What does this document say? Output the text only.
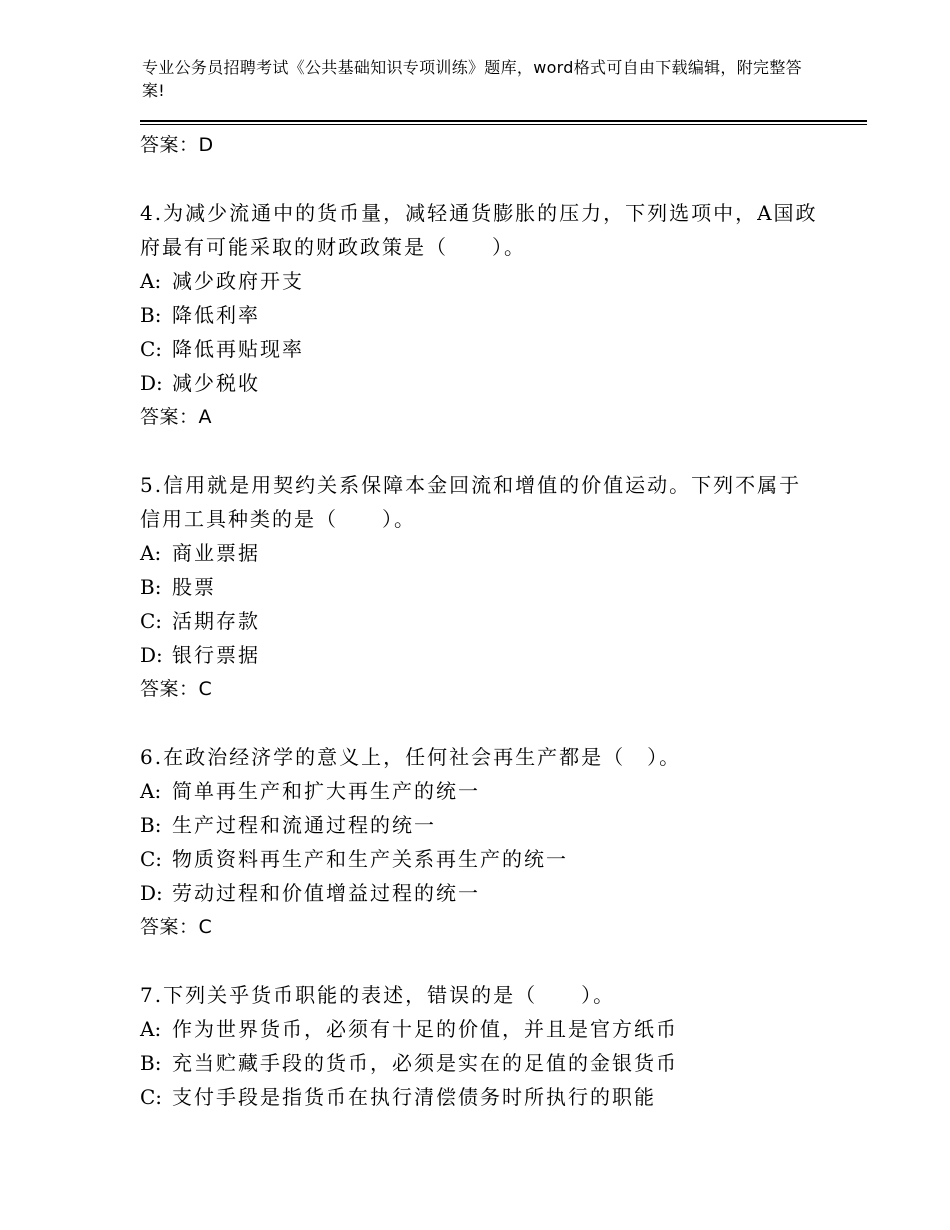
专业公务员招聘考试《公共基础知识专项训练》题库，word格式可自由下载编辑，附完整答案!
答案：D
4.为减少流通中的货币量，减轻通货膨胀的压力，下列选项中，A国政
府最有可能采取的财政政策是（　　）。
A: 减少政府开支
B: 降低利率
C: 降低再贴现率
D: 减少税收
答案：A
5.信用就是用契约关系保障本金回流和增值的价值运动。下列不属于
信用工具种类的是（　　）。
A: 商业票据
B: 股票
C: 活期存款
D: 银行票据
答案：C
6.在政治经济学的意义上，任何社会再生产都是（　）。
A: 简单再生产和扩大再生产的统一
B: 生产过程和流通过程的统一
C: 物质资料再生产和生产关系再生产的统一
D: 劳动过程和价值增益过程的统一
答案：C
7.下列关乎货币职能的表述，错误的是（　　）。
A: 作为世界货币，必须有十足的价值，并且是官方纸币
B: 充当贮藏手段的货币，必须是实在的足值的金银货币
C: 支付手段是指货币在执行清偿债务时所执行的职能
